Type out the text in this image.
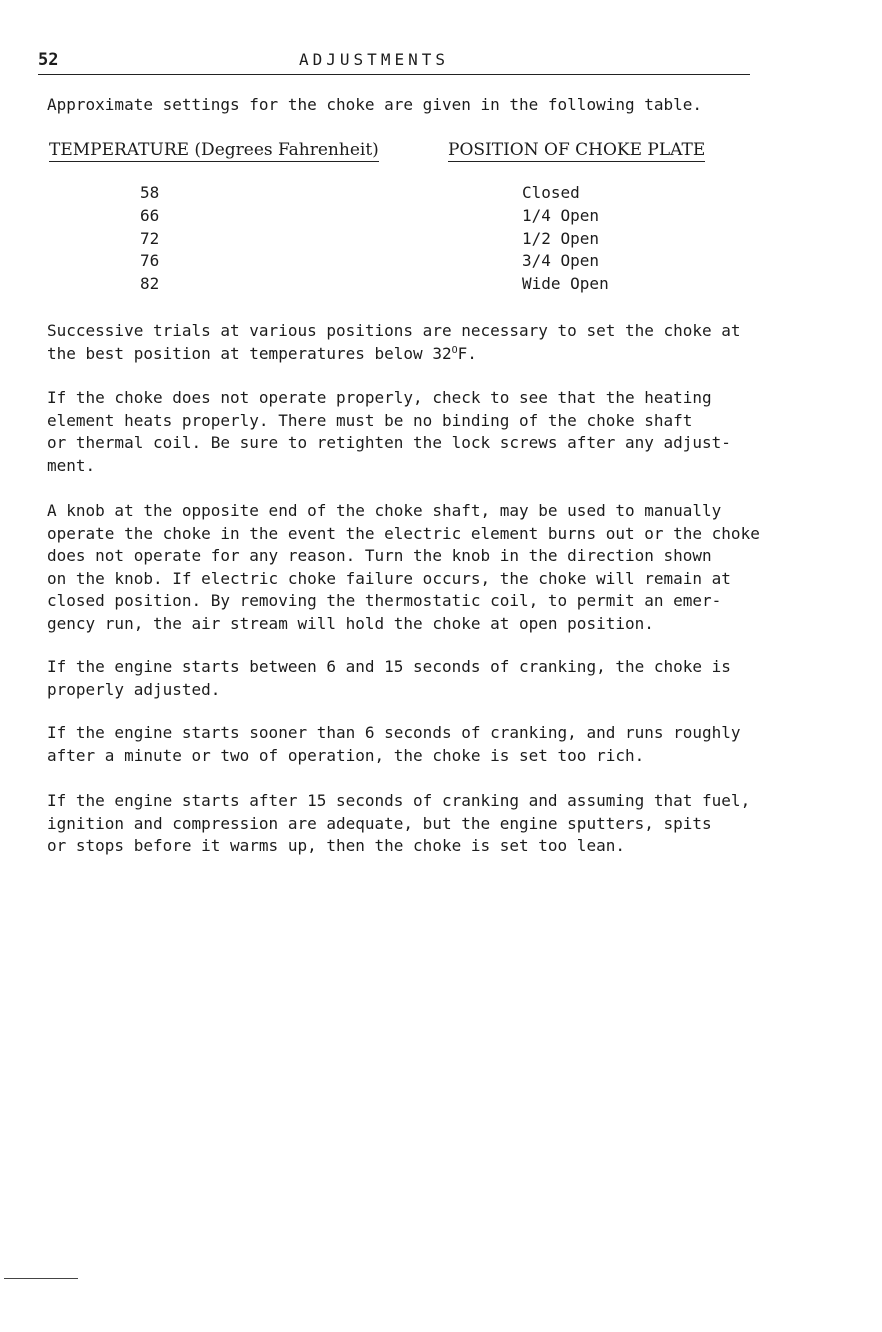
52	ADJUSTMENTS
Approximate settings for the choke are given in the following table.
TEMPERATURE (Degrees Fahrenheit)	POSITION OF CHOKE PLATE
58	Closed
66	1/4 Open
72	1/2 Open
76	3/4 Open
82	Wide Open
Successive trials at various positions are necessary to set the choke at
the best position at temperatures below $32^OF$.
If the choke does not operate properly, check to see that the heating
element heats properly. There must be no binding of the choke shaft
or thermal coil. Be sure to retighten the lock screws after any adjust-
ment.
A knob at the opposite end of the choke shaft, may be used to manually
operate the choke in the event the electric element burns out or the choke
does not operate for any reason. Turn the knob in the direction shown
on the knob. If electric choke failure occurs, the choke will remain at
closed position. By removing the thermostatic coil, to permit an emer-
gency run, the air stream will hold the choke at open position.
If the engine starts between 6 and 15 seconds of cranking, the choke is
properly adjusted.
If the engine starts sooner than 6 seconds of cranking, and runs roughly
after a minute or two of operation, the choke is set too rich.
If the engine starts after 15 seconds of cranking and assuming that fuel,
ignition and compression are adequate, but the engine sputters, spits
or stops before it warms up, then the choke is set too lean.
